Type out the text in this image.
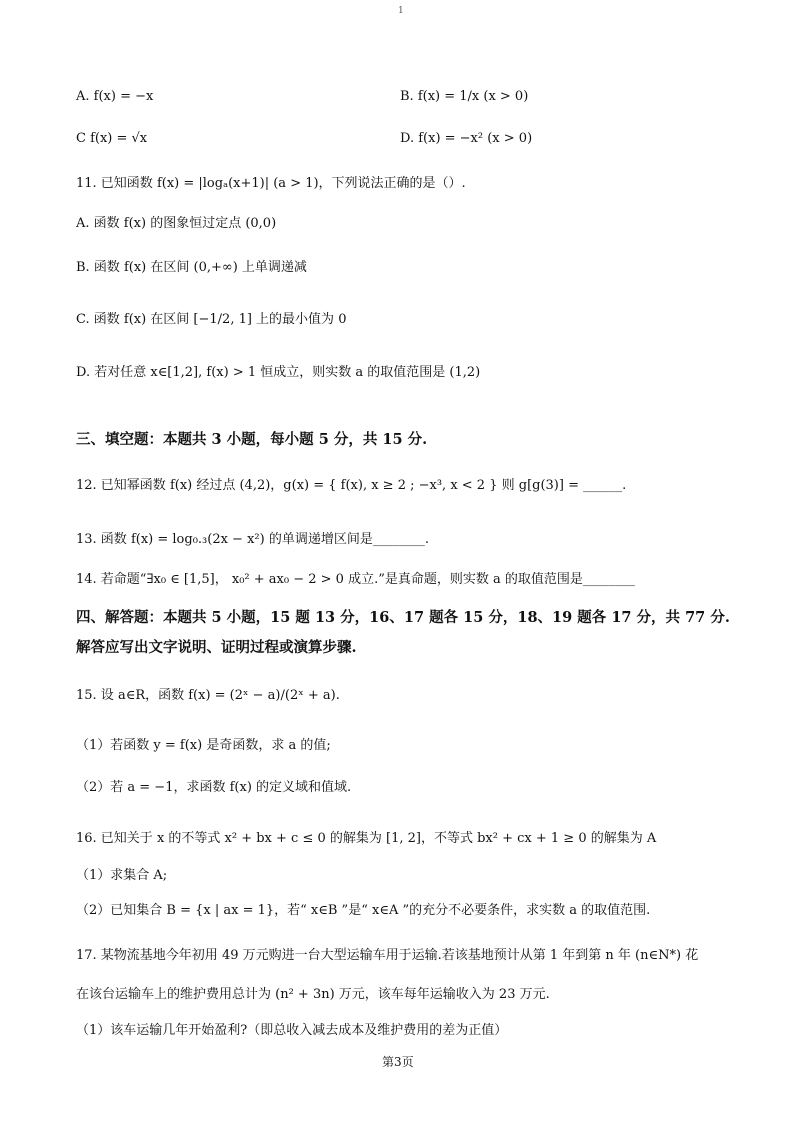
1
A. f(x) = −x	B. f(x) = 1/x (x > 0)
C f(x) = √x	D. f(x) = −x² (x > 0)
11. 已知函数 f(x) = |logₐ(x+1)| (a > 1)，下列说法正确的是（）.
A. 函数 f(x) 的图象恒过定点 (0,0)
B. 函数 f(x) 在区间 (0,+∞) 上单调递减
C. 函数 f(x) 在区间 [−1/2, 1] 上的最小值为 0
D. 若对任意 x∈[1,2], f(x) > 1 恒成立，则实数 a 的取值范围是 (1,2)
三、填空题：本题共 3 小题，每小题 5 分，共 15 分.
12. 已知幂函数 f(x) 经过点 (4,2)，g(x) = { f(x), x ≥ 2 ; −x³, x < 2 } 则 g[g(3)] = ______.
13. 函数 f(x) = log₀.₃(2x − x²) 的单调递增区间是________.
14. 若命题“∃x₀ ∈ [1,5]， x₀² + ax₀ − 2 > 0 成立.”是真命题，则实数 a 的取值范围是________
四、解答题：本题共 5 小题，15 题 13 分，16、17 题各 15 分，18、19 题各 17 分，共 77 分.
解答应写出文字说明、证明过程或演算步骤.
15. 设 a∈R，函数 f(x) = (2ˣ − a)/(2ˣ + a).
（1）若函数 y = f(x) 是奇函数，求 a 的值;
（2）若 a = −1，求函数 f(x) 的定义域和值域.
16. 已知关于 x 的不等式 x² + bx + c ≤ 0 的解集为 [1, 2]，不等式 bx² + cx + 1 ≥ 0 的解集为 A
（1）求集合 A;
（2）已知集合 B = {x | ax = 1}，若“ x∈B ”是“ x∈A ”的充分不必要条件，求实数 a 的取值范围.
17. 某物流基地今年初用 49 万元购进一台大型运输车用于运输.若该基地预计从第 1 年到第 n 年 (n∈N*) 花
在该台运输车上的维护费用总计为 (n² + 3n) 万元，该车每年运输收入为 23 万元.
（1）该车运输几年开始盈利?（即总收入减去成本及维护费用的差为正值）
第3页
